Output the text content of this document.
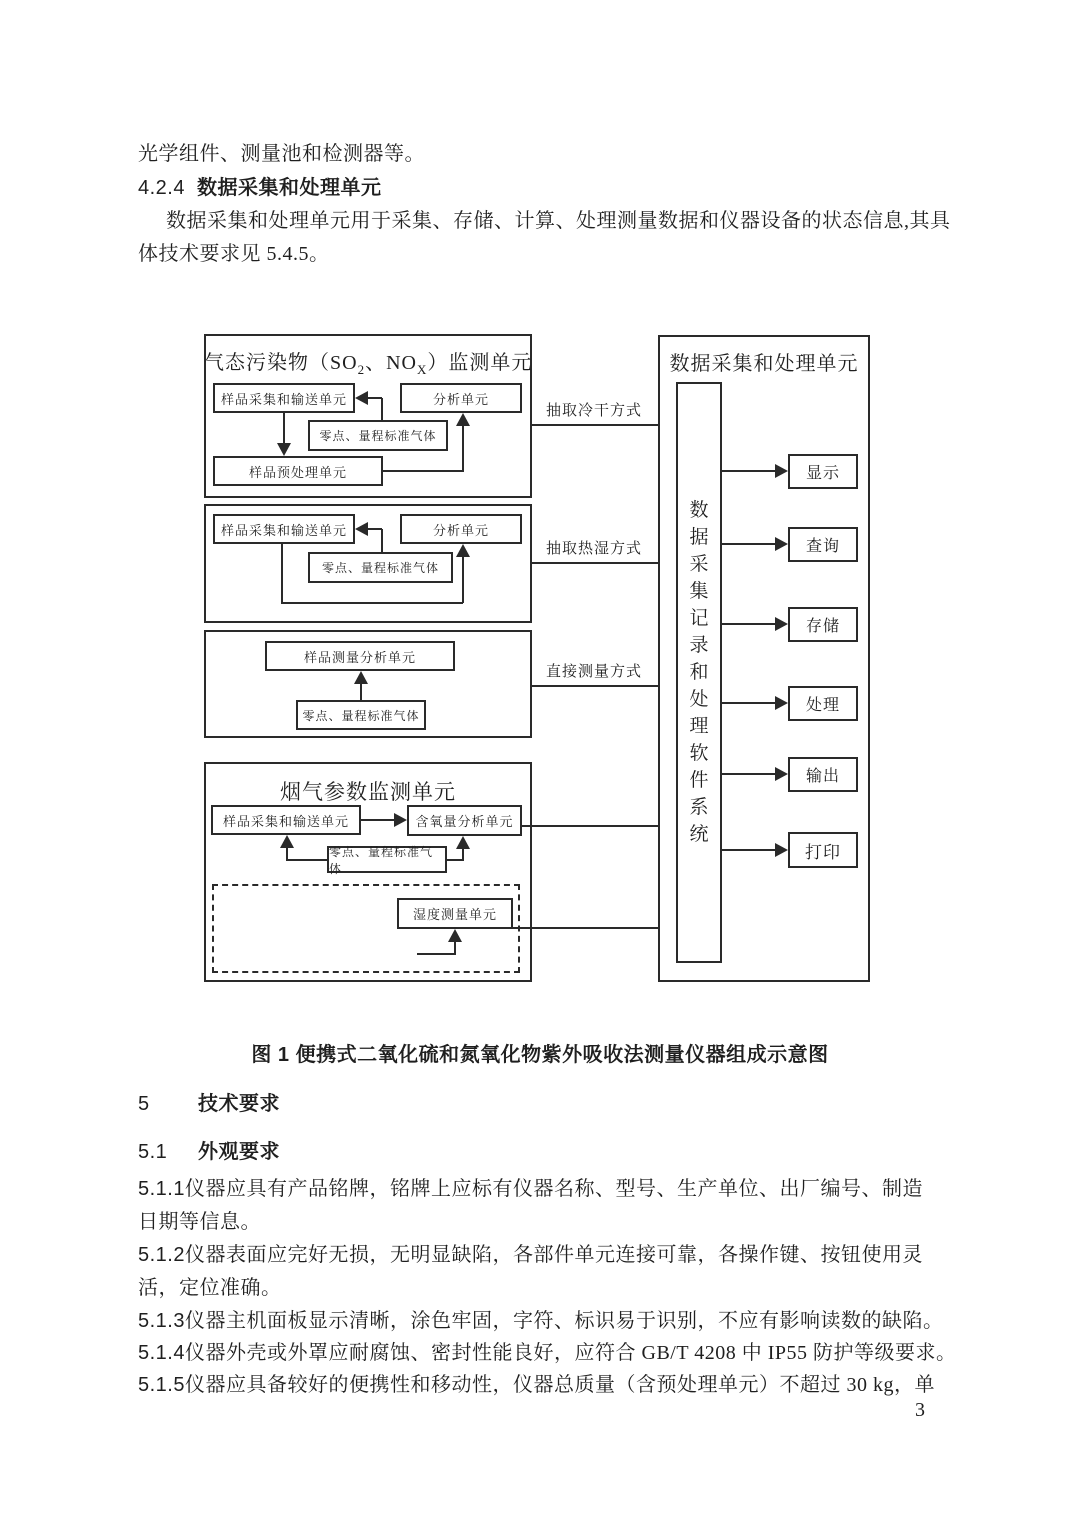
光学组件、测量池和检测器等。
4.2.4 数据采集和处理单元
数据采集和处理单元用于采集、存储、计算、处理测量数据和仪器设备的状态信息,其具
体技术要求见 5.4.5。
气态污染物（$SO_2$、$NO_X$）监测单元
样品采集和输送单元	分析单元
零点、量程标准气体
样品预处理单元
样品采集和输送单元	分析单元
零点、量程标准气体
样品测量分析单元
零点、量程标准气体
烟气参数监测单元
样品采集和输送单元	含氧量分析单元
零点、量程标准气体
湿度测量单元
抽取冷干方式
抽取热湿方式
直接测量方式
数据采集和处理单元
数据采集记录和处理软件系统
显示
查询
存储
处理
输出
打印
图 1 便携式二氧化硫和氮氧化物紫外吸收法测量仪器组成示意图
5 技术要求
5.1 外观要求
5.1.1仪器应具有产品铭牌，铭牌上应标有仪器名称、型号、生产单位、出厂编号、制造
日期等信息。
5.1.2仪器表面应完好无损，无明显缺陷，各部件单元连接可靠，各操作键、按钮使用灵
活，定位准确。
5.1.3仪器主机面板显示清晰，涂色牢固，字符、标识易于识别，不应有影响读数的缺陷。
5.1.4仪器外壳或外罩应耐腐蚀、密封性能良好，应符合 GB/T 4208 中 IP55 防护等级要求。
5.1.5仪器应具备较好的便携性和移动性，仪器总质量（含预处理单元）不超过 30 kg，单
3
